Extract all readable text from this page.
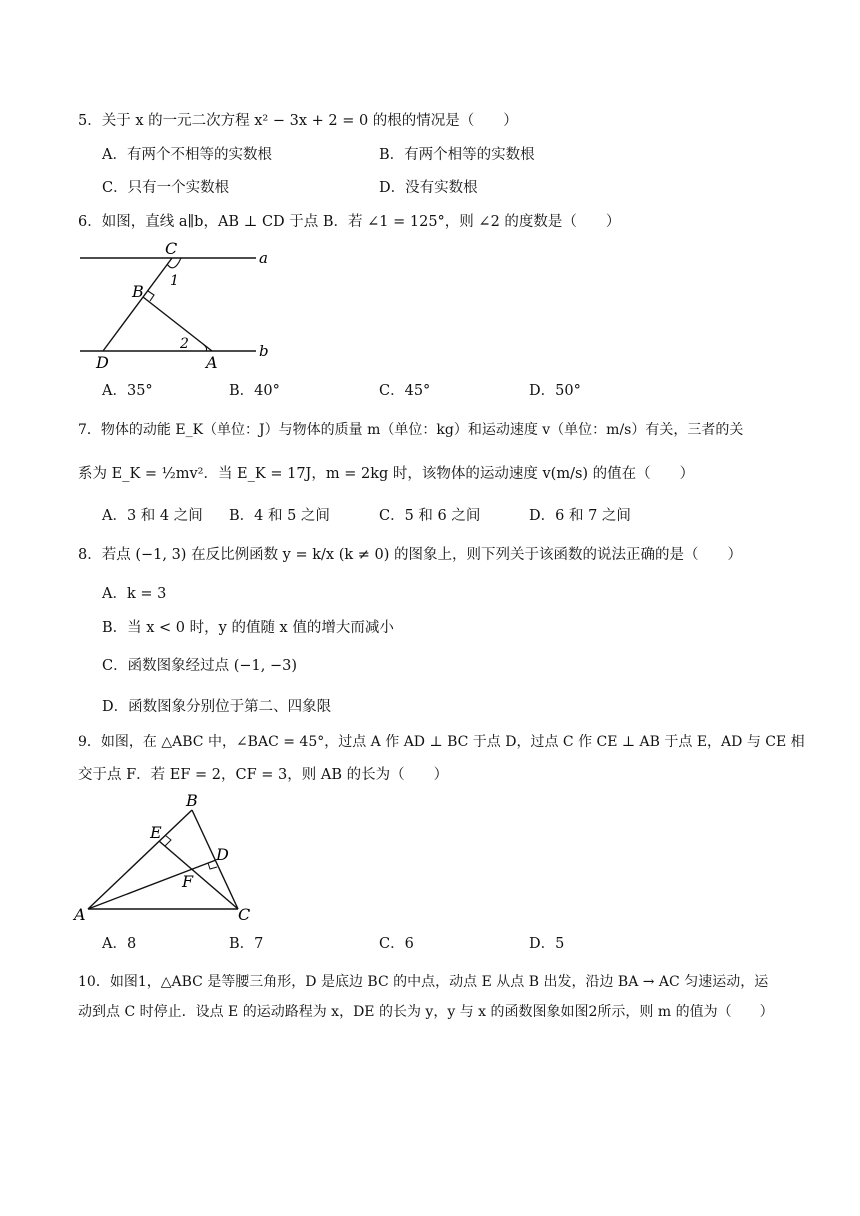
5．关于 x 的一元二次方程 x² − 3x + 2 = 0 的根的情况是（　　）
A．有两个不相等的实数根	B．有两个相等的实数根
C．只有一个实数根	D．没有实数根
6．如图，直线 a∥b，AB ⊥ CD 于点 B．若 ∠1 = 125°，则 ∠2 的度数是（　　）
C	a
1
B
2
D	A
b
A．35°	B．40°	C．45°	D．50°
7．物体的动能 E_K（单位：J）与物体的质量 m（单位：kg）和运动速度 v（单位：m/s）有关，三者的关
系为 E_K = ½mv²．当 E_K = 17J，m = 2kg 时，该物体的运动速度 v(m/s) 的值在（　　）
A．3 和 4 之间 B．4 和 5 之间	C．5 和 6 之间	D．6 和 7 之间
8．若点 (−1, 3) 在反比例函数 y = k/x (k ≠ 0) 的图象上，则下列关于该函数的说法正确的是（　　）
A．k = 3
B．当 x < 0 时，y 的值随 x 值的增大而减小
C．函数图象经过点 (−1, −3)
D．函数图象分别位于第二、四象限
9．如图，在 △ABC 中，∠BAC = 45°，过点 A 作 AD ⊥ BC 于点 D，过点 C 作 CE ⊥ AB 于点 E，AD 与 CE 相
交于点 F．若 EF = 2，CF = 3，则 AB 的长为（　　）
B
E
D
F
A	C
A．8	B．7	C．6	D．5
10．如图1，△ABC 是等腰三角形，D 是底边 BC 的中点，动点 E 从点 B 出发，沿边 BA → AC 匀速运动，运
动到点 C 时停止．设点 E 的运动路程为 x，DE 的长为 y，y 与 x 的函数图象如图2所示，则 m 的值为（　　）
